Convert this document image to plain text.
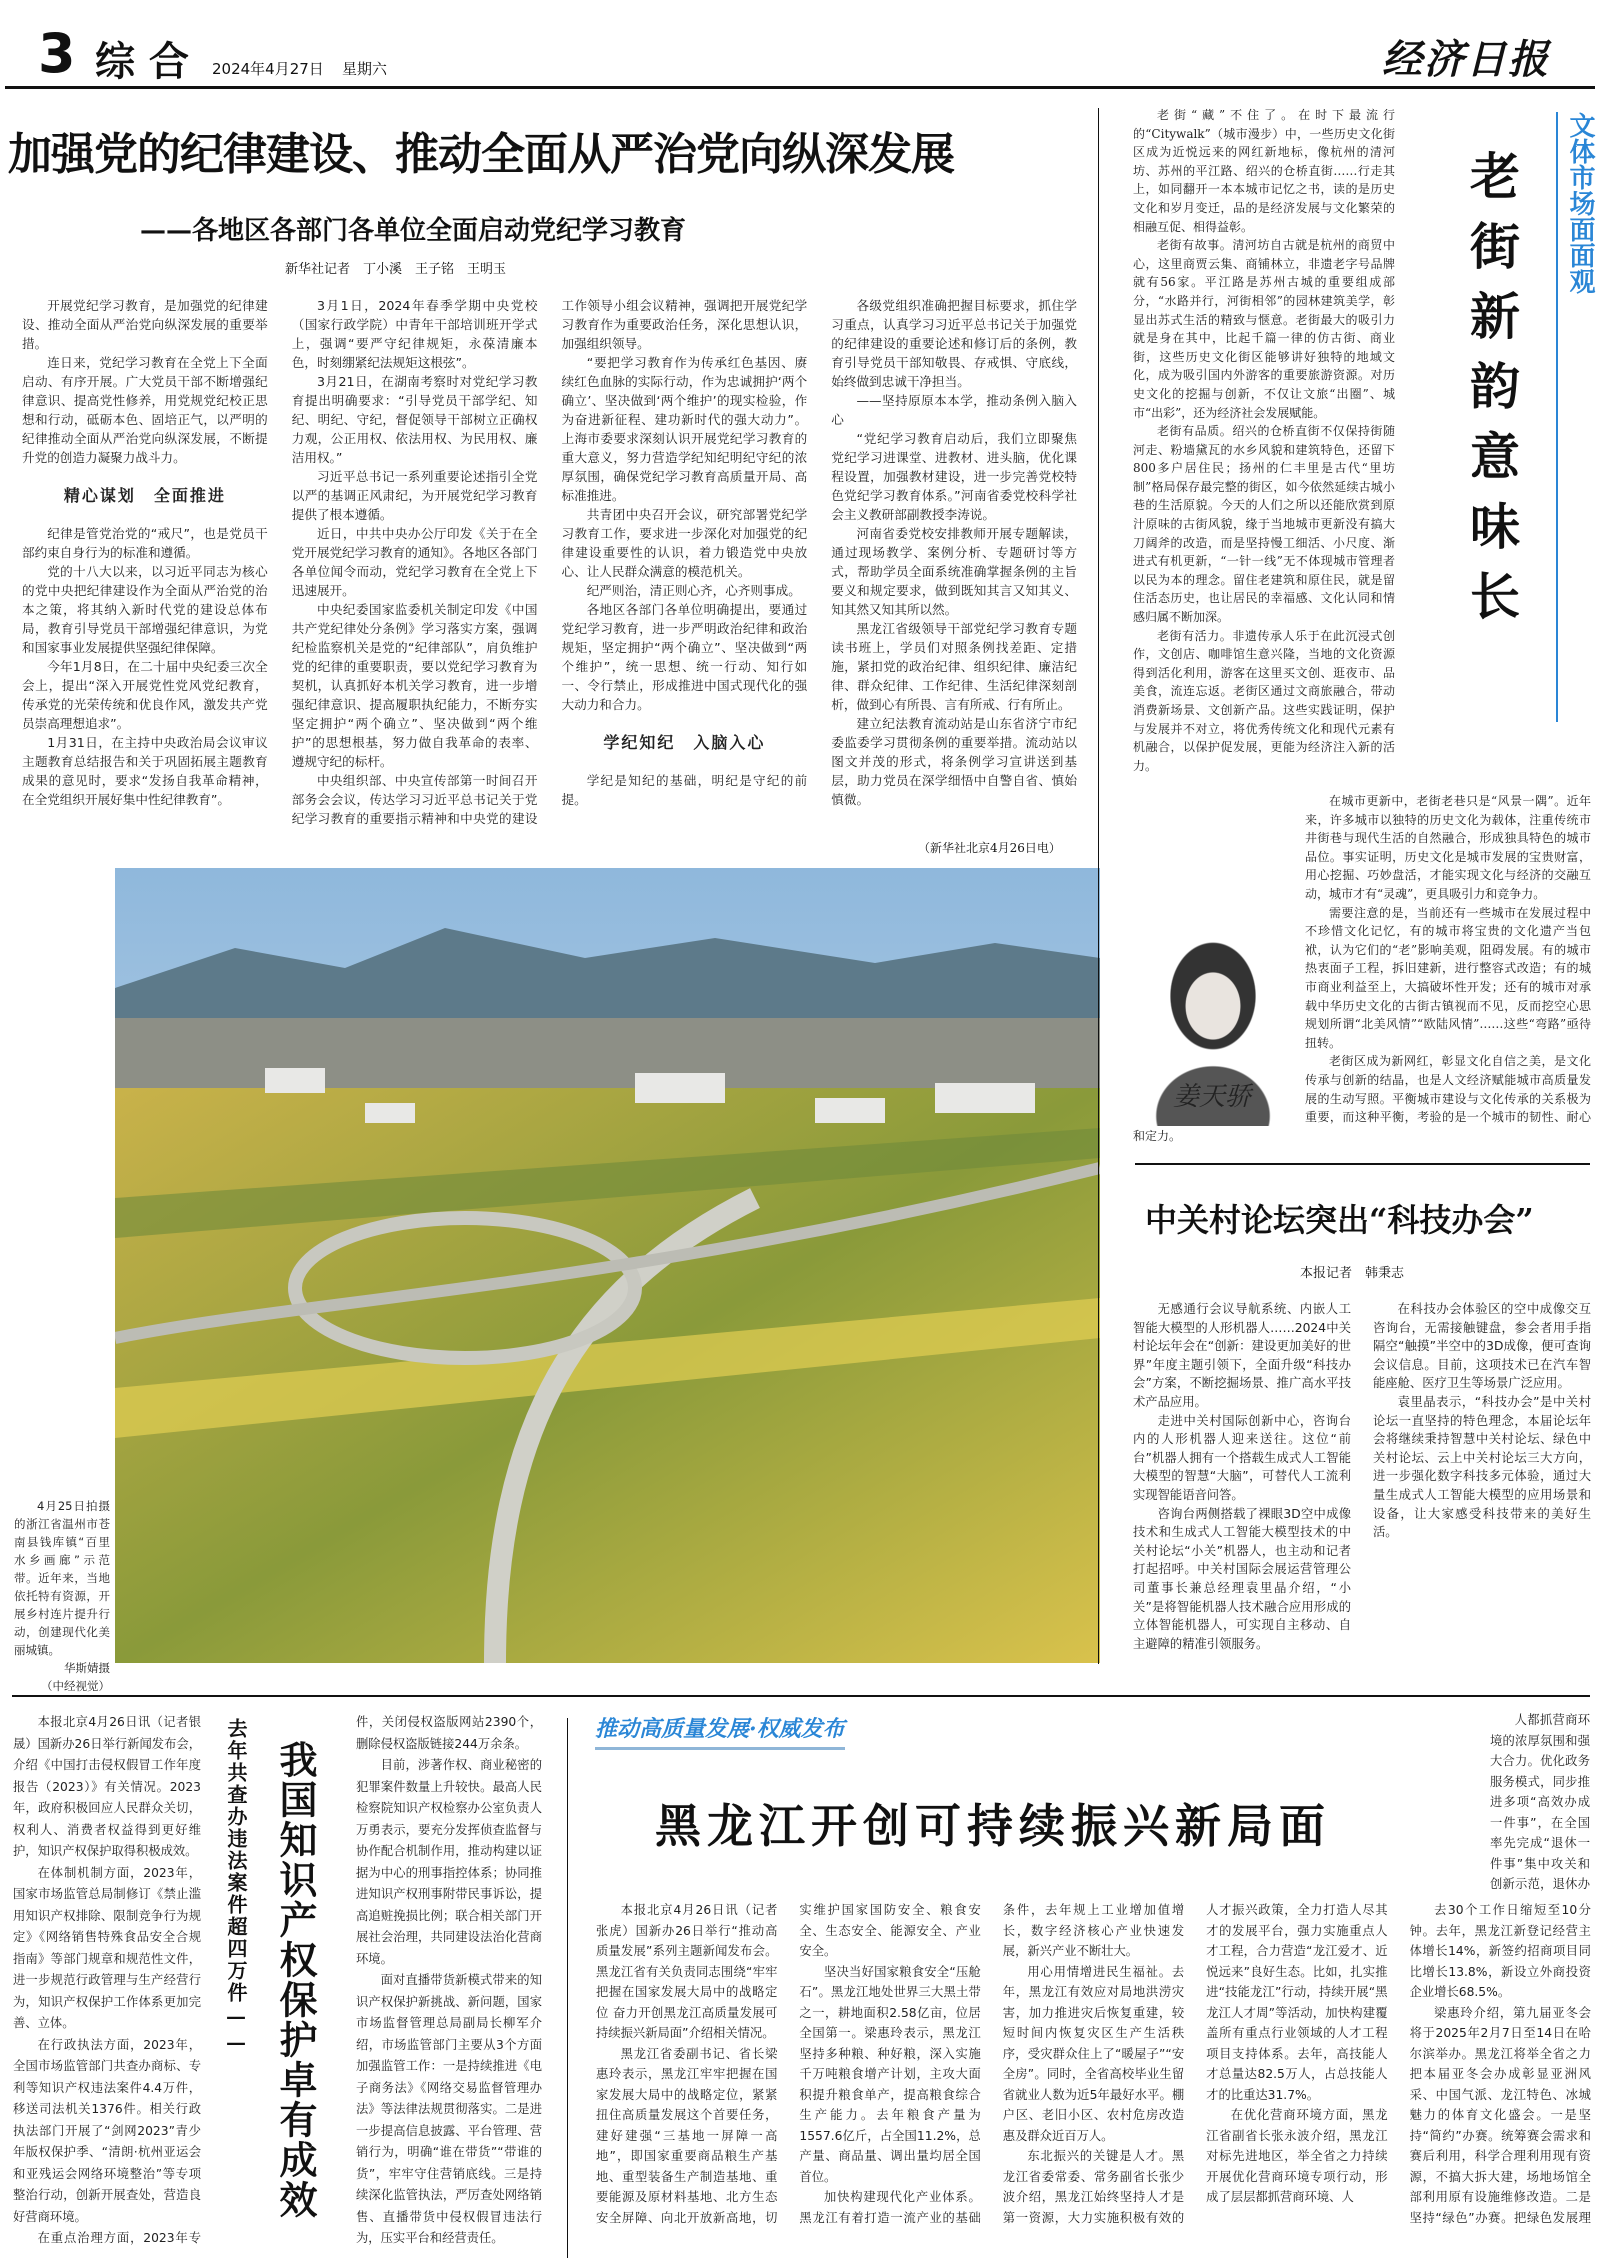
3 综 合 2024年4月27日 星期六	经济日报
加强党的纪律建设、推动全面从严治党向纵深发展
——各地区各部门各单位全面启动党纪学习教育
新华社记者　丁小溪　王子铭　王明玉

开展党纪学习教育，是加强党的纪律建设、推动全面从严治党向纵深发展的重要举措。

连日来，党纪学习教育在全党上下全面启动、有序开展。广大党员干部不断增强纪律意识、提高党性修养，用党规党纪校正思想和行动，砥砺本色、固培正气，以严明的纪律推动全面从严治党向纵深发展，不断提升党的创造力凝聚力战斗力。

精心谋划　全面推进

纪律是管党治党的“戒尺”，也是党员干部约束自身行为的标准和遵循。

党的十八大以来，以习近平同志为核心的党中央把纪律建设作为全面从严治党的治本之策，将其纳入新时代党的建设总体布局，教育引导党员干部增强纪律意识，为党和国家事业发展提供坚强纪律保障。

今年1月8日，在二十届中央纪委三次全会上，提出“深入开展党性党风党纪教育，传承党的光荣传统和优良作风，激发共产党员崇高理想追求”。

1月31日，在主持中央政治局会议审议主题教育总结报告和关于巩固拓展主题教育成果的意见时，要求“发扬自我革命精神，在全党组织开展好集中性纪律教育”。

3月1日，2024年春季学期中央党校（国家行政学院）中青年干部培训班开学式上，强调“要严守纪律规矩，永葆清廉本色，时刻绷紧纪法规矩这根弦”。

3月21日，在湖南考察时对党纪学习教育提出明确要求：“引导党员干部学纪、知纪、明纪、守纪，督促领导干部树立正确权力观，公正用权、依法用权、为民用权、廉洁用权。”

习近平总书记一系列重要论述指引全党以严的基调正风肃纪，为开展党纪学习教育提供了根本遵循。

近日，中共中央办公厅印发《关于在全党开展党纪学习教育的通知》。各地区各部门各单位闻令而动，党纪学习教育在全党上下迅速展开。

中央纪委国家监委机关制定印发《中国共产党纪律处分条例》学习落实方案，强调纪检监察机关是党的“纪律部队”，肩负维护党的纪律的重要职责，要以党纪学习教育为契机，认真抓好本机关学习教育，进一步增强纪律意识、提高履职执纪能力，不断夯实坚定拥护“两个确立”、坚决做到“两个维护”的思想根基，努力做自我革命的表率、遵规守纪的标杆。

中央组织部、中央宣传部第一时间召开部务会会议，传达学习习近平总书记关于党纪学习教育的重要指示精神和中央党的建设工作领导小组会议精神，强调把开展党纪学习教育作为重要政治任务，深化思想认识，加强组织领导。

“要把学习教育作为传承红色基因、赓续红色血脉的实际行动，作为忠诚拥护‘两个确立’、坚决做到‘两个维护’的现实检验，作为奋进新征程、建功新时代的强大动力”。上海市委要求深刻认识开展党纪学习教育的重大意义，努力营造学纪知纪明纪守纪的浓厚氛围，确保党纪学习教育高质量开局、高标准推进。

共青团中央召开会议，研究部署党纪学习教育工作，要求进一步深化对加强党的纪律建设重要性的认识，着力锻造党中央放心、让人民群众满意的模范机关。

纪严则治，清正则心齐，心齐则事成。

各地区各部门各单位明确提出，要通过党纪学习教育，进一步严明政治纪律和政治规矩，坚定拥护“两个确立”、坚决做到“两个维护”，统一思想、统一行动、知行如一、令行禁止，形成推进中国式现代化的强大动力和合力。

学纪知纪　入脑入心

学纪是知纪的基础，明纪是守纪的前提。

各级党组织准确把握目标要求，抓住学习重点，认真学习习近平总书记关于加强党的纪律建设的重要论述和修订后的条例，教育引导党员干部知敬畏、存戒惧、守底线，始终做到忠诚干净担当。

——坚持原原本本学，推动条例入脑入心

“党纪学习教育启动后，我们立即聚焦党纪学习进课堂、进教材、进头脑，优化课程设置，加强教材建设，进一步完善党校特色党纪学习教育体系。”河南省委党校科学社会主义教研部副教授李涛说。

河南省委党校安排教师开展专题解读，通过现场教学、案例分析、专题研讨等方式，帮助学员全面系统准确掌握条例的主旨要义和规定要求，做到既知其言又知其义、知其然又知其所以然。

黑龙江省级领导干部党纪学习教育专题读书班上，学员们对照条例找差距、定措施，紧扣党的政治纪律、组织纪律、廉洁纪律、群众纪律、工作纪律、生活纪律深刻剖析，做到心有所畏、言有所戒、行有所止。

建立纪法教育流动站是山东省济宁市纪委监委学习贯彻条例的重要举措。流动站以图文并茂的形式，将条例学习宣讲送到基层，助力党员在深学细悟中自警自省、慎始慎微。

（新华社北京4月26日电）

4月25日拍摄的浙江省温州市苍南县钱库镇“百里水乡画廊”示范带。近年来，当地依托特有资源，开展乡村连片提升行动，创建现代化美丽城镇。

华斯婧摄
（中经视觉）

老街“藏”不住了。在时下最流行的“Citywalk”（城市漫步）中，一些历史文化街区成为近悦远来的网红新地标，像杭州的清河坊、苏州的平江路、绍兴的仓桥直街……行走其上，如同翻开一本本城市记忆之书，读的是历史文化和岁月变迁，品的是经济发展与文化繁荣的相融互促、相得益彰。

老街有故事。清河坊自古就是杭州的商贸中心，这里商贾云集、商铺林立，非遗老字号品牌就有56家。平江路是苏州古城的重要组成部分，“水路并行，河街相邻”的园林建筑美学，彰显出苏式生活的精致与惬意。老街最大的吸引力就是身在其中，比起千篇一律的仿古街、商业街，这些历史文化街区能够讲好独特的地域文化，成为吸引国内外游客的重要旅游资源。对历史文化的挖掘与创新，不仅让文旅“出圈”、城市“出彩”，还为经济社会发展赋能。

老街有品质。绍兴的仓桥直街不仅保持街随河走、粉墙黛瓦的水乡风貌和建筑特色，还留下800多户居住民；扬州的仁丰里是古代“里坊制”格局保存最完整的街区，如今依然延续古城小巷的生活原貌。今天的人们之所以还能欣赏到原汁原味的古街风貌，缘于当地城市更新没有搞大刀阔斧的改造，而是坚持慢工细活、小尺度、渐进式有机更新，“一针一线”无不体现城市管理者以民为本的理念。留住老建筑和原住民，就是留住活态历史，也让居民的幸福感、文化认同和情感归属不断加深。

老街有活力。非遗传承人乐于在此沉浸式创作，文创店、咖啡馆生意兴隆，当地的文化资源得到活化利用，游客在这里买文创、逛夜市、品美食，流连忘返。老街区通过文商旅融合，带动消费新场景、文创新产品。这些实践证明，保护与发展并不对立，将优秀传统文化和现代元素有机融合，以保护促发展，更能为经济注入新的活力。

老街新韵意味长 文体市场面面观
姜天骄

在城市更新中，老街老巷只是“风景一隅”。近年来，许多城市以独特的历史文化为载体，注重传统市井街巷与现代生活的自然融合，形成独具特色的城市品位。事实证明，历史文化是城市发展的宝贵财富，用心挖掘、巧妙盘活，才能实现文化与经济的交融互动，城市才有“灵魂”，更具吸引力和竞争力。

需要注意的是，当前还有一些城市在发展过程中不珍惜文化记忆，有的城市将宝贵的文化遗产当包袱，认为它们的“老”影响美观，阻碍发展。有的城市热衷面子工程，拆旧建新，进行整容式改造；有的城市商业利益至上，大搞破坏性开发；还有的城市对承载中华历史文化的古街古镇视而不见，反而挖空心思规划所谓“北美风情”“欧陆风情”……这些“弯路”亟待扭转。

老街区成为新网红，彰显文化自信之美，是文化传承与创新的结晶，也是人文经济赋能城市高质量发展的生动写照。平衡城市建设与文化传承的关系极为重要，而这种平衡，考验的是一个城市的韧性、耐心和定力。

中关村论坛突出“科技办会”
本报记者　韩秉志

无感通行会议导航系统、内嵌人工智能大模型的人形机器人……2024中关村论坛年会在“创新：建设更加美好的世界”年度主题引领下，全面升级“科技办会”方案，不断挖掘场景、推广高水平技术产品应用。

走进中关村国际创新中心，咨询台内的人形机器人迎来送往。这位“前台”机器人拥有一个搭载生成式人工智能大模型的智慧“大脑”，可替代人工流利实现智能语音问答。

咨询台两侧搭载了裸眼3D空中成像技术和生成式人工智能大模型技术的中关村论坛“小关”机器人，也主动和记者打起招呼。中关村国际会展运营管理公司董事长兼总经理袁里晶介绍，“小关”是将智能机器人技术融合应用形成的立体智能机器人，可实现自主移动、自主避障的精准引领服务。

在科技办会体验区的空中成像交互咨询台，无需接触键盘，参会者用手指隔空“触摸”半空中的3D成像，便可查询会议信息。目前，这项技术已在汽车智能座舱、医疗卫生等场景广泛应用。

袁里晶表示，“科技办会”是中关村论坛一直坚持的特色理念，本届论坛年会将继续秉持智慧中关村论坛、绿色中关村论坛、云上中关村论坛三大方向，进一步强化数字科技多元体验，通过大量生成式人工智能大模型的应用场景和设备，让大家感受科技带来的美好生活。

本报北京4月26日讯（记者银晟）国新办26日举行新闻发布会，介绍《中国打击侵权假冒工作年度报告（2023）》有关情况。2023年，政府积极回应人民群众关切，权利人、消费者权益得到更好维护，知识产权保护取得积极成效。

在体制机制方面，2023年，国家市场监管总局制修订《禁止滥用知识产权排除、限制竞争行为规定》《网络销售特殊食品安全合规指南》等部门规章和规范性文件，进一步规范行政管理与生产经营行为，知识产权保护工作体系更加完善、立体。

在行政执法方面，2023年，全国市场监管部门共查办商标、专利等知识产权违法案件4.4万件，移送司法机关1376件。相关行政执法部门开展了“剑网2023”青少年版权保护季、“清朗·杭州亚运会和亚残运会网络环境整治”等专项整治行动，创新开展查处，营造良好营商环境。

在重点治理方面，2023年专

去年共查办违法案件超四万件—— 我国知识产权保护卓有成效

件，关闭侵权盗版网站2390个，删除侵权盗版链接244万余条。

目前，涉著作权、商业秘密的犯罪案件数量上升较快。最高人民检察院知识产权检察办公室负责人万勇表示，要充分发挥侦查监督与协作配合机制作用，推动构建以证据为中心的刑事指控体系；协同推进知识产权刑事附带民事诉讼，提高追赃挽损比例；联合相关部门开展社会治理，共同建设法治化营商环境。

面对直播带货新模式带来的知识产权保护新挑战、新问题，国家市场监督管理总局副局长柳军介绍，市场监管部门主要从3个方面加强监管工作：一是持续推进《电子商务法》《网络交易监督管理办法》等法律法规贯彻落实。二是进一步提高信息披露、平台管理、营销行为，明确“谁在带货”“带谁的货”，牢牢守住营销底线。三是持续深化监管执法，严厉查处网络销售、直播带货中侵权假冒违法行为，压实平台和经营责任。

推动高质量发展·权威发布
黑龙江开创可持续振兴新局面

人都抓营商环境的浓厚氛围和强大合力。优化政务服务模式，同步推进多项“高效办成一件事”，在全国率先完成“退休一件事”集中攻关和创新示范，退休办

本报北京4月26日讯（记者张虎）国新办26日举行“推动高质量发展”系列主题新闻发布会。黑龙江省有关负责同志围绕“牢牢把握在国家发展大局中的战略定位 奋力开创黑龙江高质量发展可持续振兴新局面”介绍相关情况。

黑龙江省委副书记、省长梁惠玲表示，黑龙江牢牢把握在国家发展大局中的战略定位，紧紧扭住高质量发展这个首要任务，建好建强“三基地一屏障一高地”，即国家重要商品粮生产基地、重型装备生产制造基地、重要能源及原材料基地、北方生态安全屏障、向北开放新高地，切实维护国家国防安全、粮食安全、生态安全、能源安全、产业安全。

坚决当好国家粮食安全“压舱石”。黑龙江地处世界三大黑土带之一，耕地面积2.58亿亩，位居全国第一。梁惠玲表示，黑龙江坚持多种粮、种好粮，深入实施千万吨粮食增产计划，主攻大面积提升粮食单产，提高粮食综合生产能力。去年粮食产量为1557.6亿斤，占全国11.2%，总产量、商品量、调出量均居全国首位。

加快构建现代化产业体系。黑龙江有着打造一流产业的基础条件，去年规上工业增加值增长，数字经济核心产业快速发展，新兴产业不断壮大。

用心用情增进民生福祉。去年，黑龙江有效应对局地洪涝灾害，加力推进灾后恢复重建，较短时间内恢复灾区生产生活秩序，受灾群众住上了“暖屋子”“安全房”。同时，全省高校毕业生留省就业人数为近5年最好水平。棚户区、老旧小区、农村危房改造惠及群众近百万人。

东北振兴的关键是人才。黑龙江省委常委、常务副省长张少波介绍，黑龙江始终坚持人才是第一资源，大力实施积极有效的人才振兴政策，全力打造人尽其才的发展平台，强力实施重点人才工程，合力营造“龙江爱才、近悦远来”良好生态。比如，扎实推进“技能龙江”行动，持续开展“黑龙江人才周”等活动，加快构建覆盖所有重点行业领域的人才工程项目支持体系。去年，高技能人才总量达82.5万人，占总技能人才的比重达31.7%。

在优化营商环境方面，黑龙江省副省长张永波介绍，黑龙江对标先进地区，举全省之力持续开展优化营商环境专项行动，形成了层层都抓营商环境、人

去30个工作日缩短至10分钟。去年，黑龙江新登记经营主体增长14%，新签约招商项目同比增长13.8%，新设立外商投资企业增长68.5%。

梁惠玲介绍，第九届亚冬会将于2025年2月7日至14日在哈尔滨举办。黑龙江将举全省之力把本届亚冬会办成彰显亚洲风采、中国气派、龙江特色、冰城魅力的体育文化盛会。一是坚持“简约”办赛。统筹赛会需求和赛后利用，科学合理利用现有资源，不搞大拆大建，场地场馆全部利用原有设施维修改造。二是坚持“绿色”办赛。把绿色发展理
